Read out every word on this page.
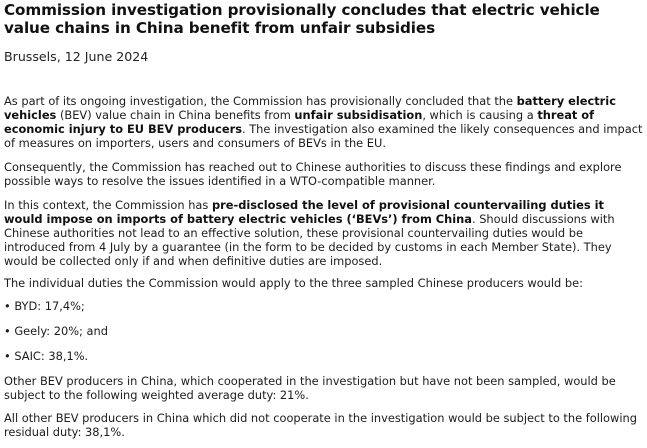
Commission investigation provisionally concludes that electric vehicle value chains in China benefit from unfair subsidies
Brussels, 12 June 2024

As part of its ongoing investigation, the Commission has provisionally concluded that the battery electric vehicles (BEV) value chain in China benefits from unfair subsidisation, which is causing a threat of economic injury to EU BEV producers. The investigation also examined the likely consequences and impact of measures on importers, users and consumers of BEVs in the EU.

Consequently, the Commission has reached out to Chinese authorities to discuss these findings and explore possible ways to resolve the issues identified in a WTO-compatible manner.

In this context, the Commission has pre-disclosed the level of provisional countervailing duties it would impose on imports of battery electric vehicles (‘BEVs’) from China. Should discussions with Chinese authorities not lead to an effective solution, these provisional countervailing duties would be introduced from 4 July by a guarantee (in the form to be decided by customs in each Member State). They would be collected only if and when definitive duties are imposed.

The individual duties the Commission would apply to the three sampled Chinese producers would be:

• BYD: 17,4%;

• Geely: 20%; and

• SAIC: 38,1%.

Other BEV producers in China, which cooperated in the investigation but have not been sampled, would be subject to the following weighted average duty: 21%.

All other BEV producers in China which did not cooperate in the investigation would be subject to the following residual duty: 38,1%.
